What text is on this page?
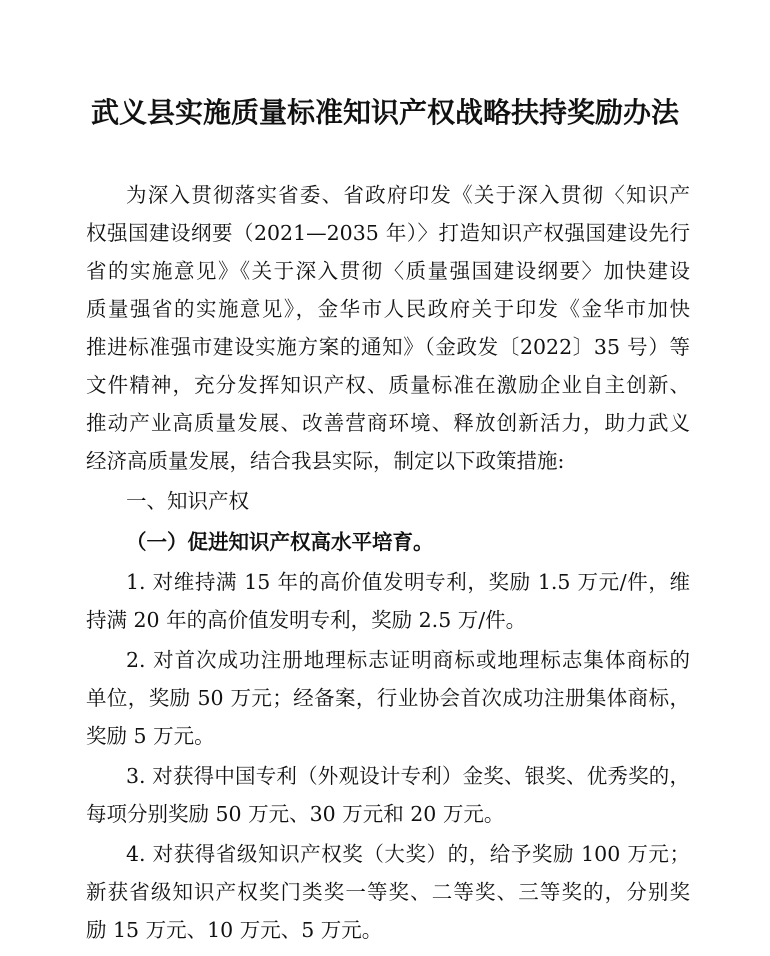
武义县实施质量标准知识产权战略扶持奖励办法
为深入贯彻落实省委、省政府印发《关于深入贯彻〈知识产
权强国建设纲要（2021—2035 年）〉打造知识产权强国建设先行
省的实施意见》《关于深入贯彻〈质量强国建设纲要〉加快建设
质量强省的实施意见》，金华市人民政府关于印发《金华市加快
推进标准强市建设实施方案的通知》（金政发〔2022〕35 号）等
文件精神，充分发挥知识产权、质量标准在激励企业自主创新、
推动产业高质量发展、改善营商环境、释放创新活力，助力武义
经济高质量发展，结合我县实际，制定以下政策措施:
一、知识产权
（一）促进知识产权高水平培育。
1. 对维持满 15 年的高价值发明专利，奖励 1.5 万元/件，维
持满 20 年的高价值发明专利，奖励 2.5 万/件。
2. 对首次成功注册地理标志证明商标或地理标志集体商标的
单位，奖励 50 万元；经备案，行业协会首次成功注册集体商标，
奖励 5 万元。
3. 对获得中国专利（外观设计专利）金奖、银奖、优秀奖的，
每项分别奖励 50 万元、30 万元和 20 万元。
4. 对获得省级知识产权奖（大奖）的，给予奖励 100 万元；
新获省级知识产权奖门类奖一等奖、二等奖、三等奖的，分别奖
励 15 万元、10 万元、5 万元。
